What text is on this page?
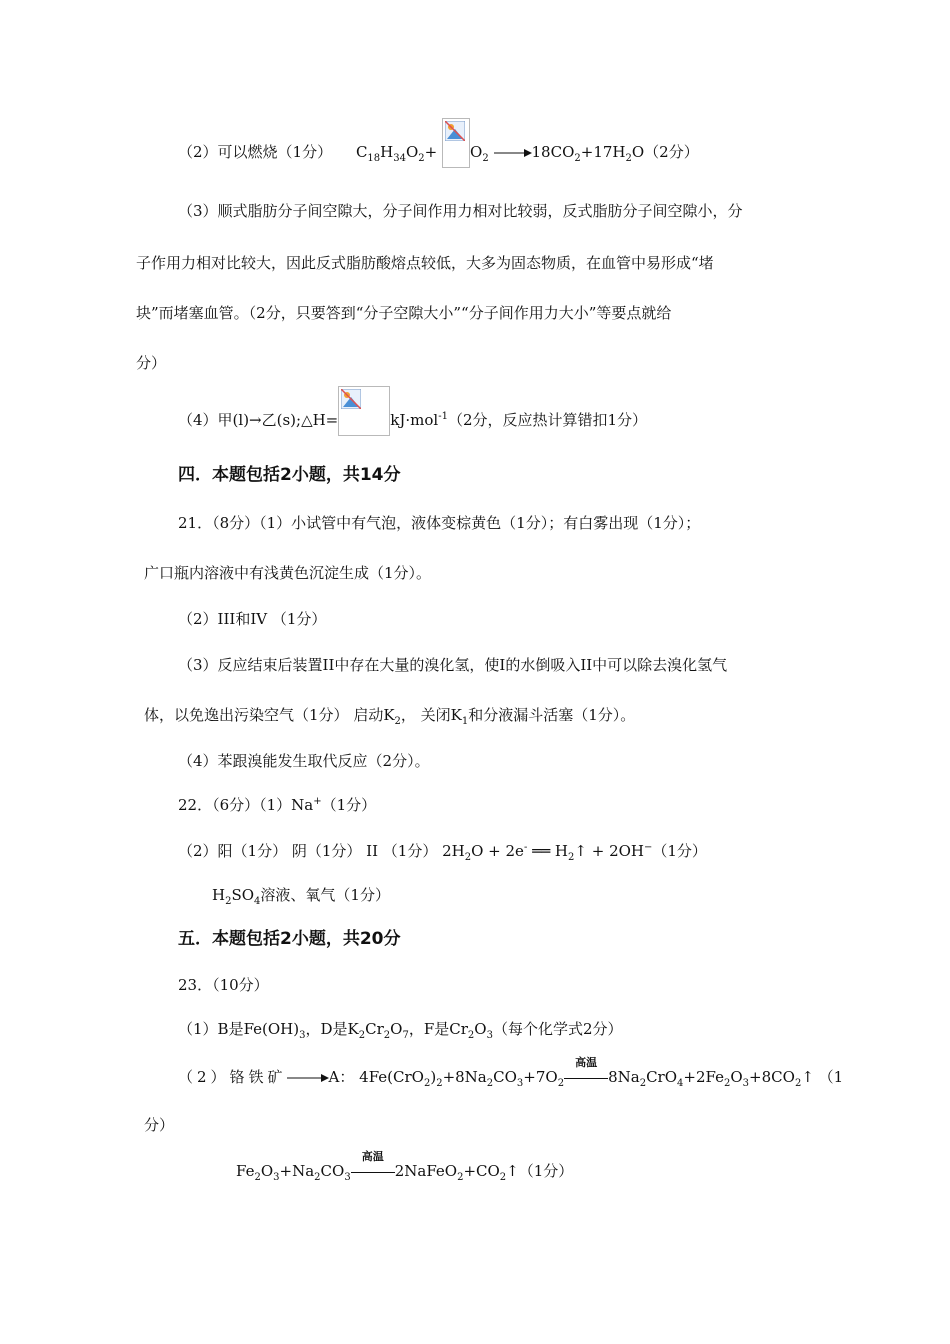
（2）可以燃烧（1分） $C_{18}H_{34}O_2+ O_2 \to 18CO_2+17H_2O(2$分）
（3）顺式脂肪分子间空隙大，分子间作用力相对比较弱，反式脂肪分子间空隙小，分
子作用力相对比较大，因此反式脂肪酸熔点较低，大多为固态物质，在血管中易形成“堵
块”而堵塞血管。（2分，只要答到“分子空隙大小”“分子间作用力大小”等要点就给
分）
（4）甲(l)→乙(s);△H=	kJ·mol$^{-1}$（2分，反应热计算错扣1分）
四．本题包括2小题，共14分
21．（8分）（1）小试管中有气泡，液体变棕黄色（1分）；有白雾出现（1分）；
广口瓶内溶液中有浅黄色沉淀生成（1分）。
（2）III和IV （1分）
（3）反应结束后装置II中存在大量的溴化氢，使I的水倒吸入II中可以除去溴化氢气
体，以免逸出污染空气（1分） 启动$K_2$， 关闭$K_1$和分液漏斗活塞（1分）。
（4）苯跟溴能发生取代反应（2分）。
22．（6分）（1）Na+（1分）
（2）阳（1分） 阴（1分） II （1分） $2H_2O + 2e^-$ ══ $H_2↑ + 2OH^-(1$分）
$H_2SO_4$溶液、氧气（1分）
五．本题包括2小题，共20分
23．（10分）
（1）B是$Fe(OH)_3$，D是$K_2Cr_2O_7$，F是$Cr_2O_3$（每个化学式2分）
（2）铬铁矿→A： $4Fe(CrO_2)_2+8Na_2CO_3+7O_2$
高温
$8Na_2CrO_4+2Fe_2O_3+8CO_2↑$ （1
分）
$Fe_2O_3+Na_2CO_3$
高温
$2NaFeO_2+CO_2↑(1$分）
